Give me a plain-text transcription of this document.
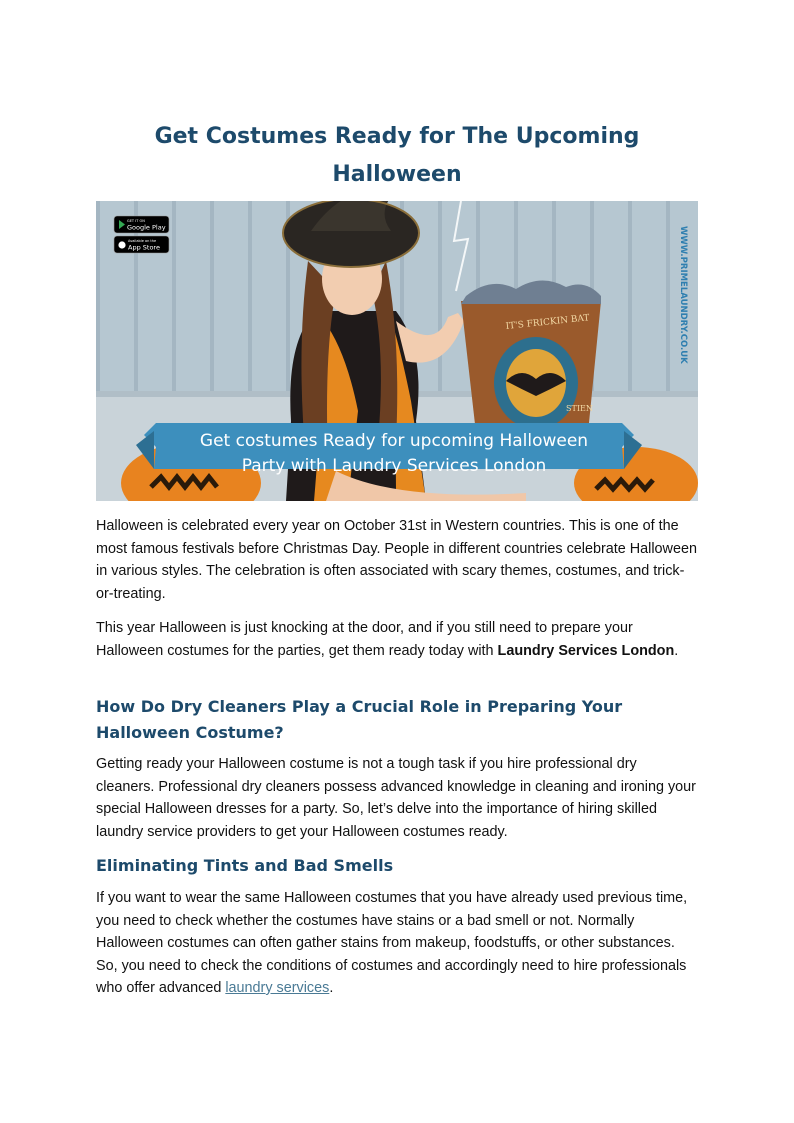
Get Costumes Ready for The Upcoming Halloween

IT'S FRICKIN BAT
STIEN
GET IT ON
Google Play
Available on the
App Store	WWW.PRIMELAUNDRY.CO.UK
Get costumes Ready for upcoming Halloween
Party with Laundry Services London

Halloween is celebrated every year on October 31st in Western countries. This is one of the most famous festivals before Christmas Day. People in different countries celebrate Halloween in various styles. The celebration is often associated with scary themes, costumes, and trick-or-treating.

This year Halloween is just knocking at the door, and if you still need to prepare your Halloween costumes for the parties, get them ready today with Laundry Services London.

How Do Dry Cleaners Play a Crucial Role in Preparing Your Halloween Costume?

Getting ready your Halloween costume is not a tough task if you hire professional dry cleaners. Professional dry cleaners possess advanced knowledge in cleaning and ironing your special Halloween dresses for a party. So, let’s delve into the importance of hiring skilled laundry service providers to get your Halloween costumes ready.

Eliminating Tints and Bad Smells

If you want to wear the same Halloween costumes that you have already used previous time, you need to check whether the costumes have stains or a bad smell or not. Normally Halloween costumes can often gather stains from makeup, foodstuffs, or other substances. So, you need to check the conditions of costumes and accordingly need to hire professionals who offer advanced laundry services.
